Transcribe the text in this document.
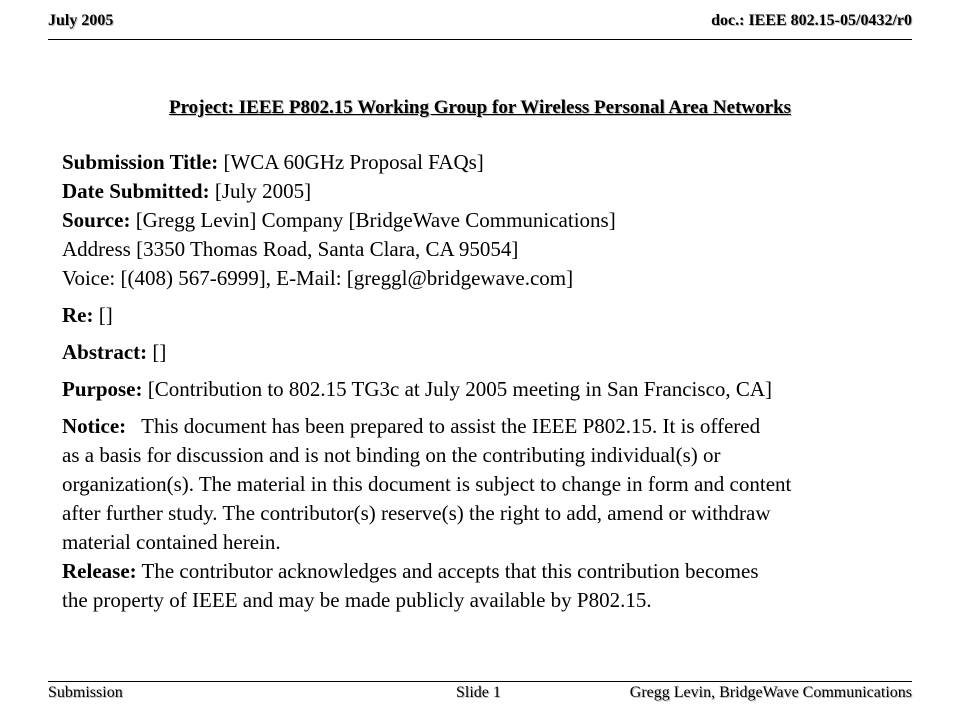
July 2005	doc.: IEEE 802.15-05/0432/r0
Project: IEEE P802.15 Working Group for Wireless Personal Area Networks
Submission Title: [WCA 60GHz Proposal FAQs]
Date Submitted: [July 2005]
Source: [Gregg Levin] Company [BridgeWave Communications]
Address [3350 Thomas Road, Santa Clara, CA 95054]
Voice: [(408) 567-6999], E-Mail: [greggl@bridgewave.com]
Re: []
Abstract: []
Purpose: [Contribution to 802.15 TG3c at July 2005 meeting in San Francisco, CA]
Notice: This document has been prepared to assist the IEEE P802.15. It is offered
as a basis for discussion and is not binding on the contributing individual(s) or
organization(s). The material in this document is subject to change in form and content
after further study. The contributor(s) reserve(s) the right to add, amend or withdraw
material contained herein.
Release: The contributor acknowledges and accepts that this contribution becomes
the property of IEEE and may be made publicly available by P802.15.
Submission	Slide 1	Gregg Levin, BridgeWave Communications
